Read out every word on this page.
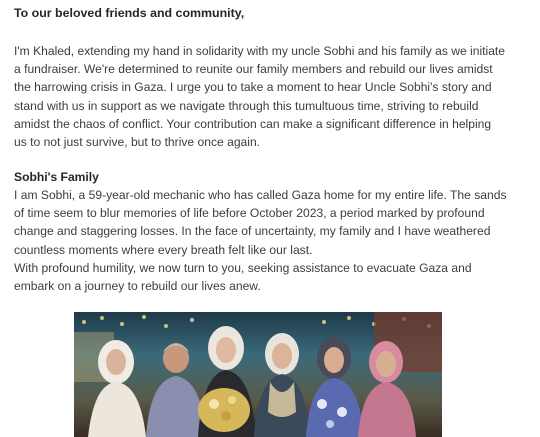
To our beloved friends and community,

I'm Khaled, extending my hand in solidarity with my uncle Sobhi and his family as we initiate
a fundraiser. We're determined to reunite our family members and rebuild our lives amidst
the harrowing crisis in Gaza. I urge you to take a moment to hear Uncle Sobhi's story and
stand with us in support as we navigate through this tumultuous time, striving to rebuild
amidst the chaos of conflict. Your contribution can make a significant difference in helping
us to not just survive, but to thrive once again.

Sobhi's Family

I am Sobhi, a 59-year-old mechanic who has called Gaza home for my entire life. The sands
of time seem to blur memories of life before October 2023, a period marked by profound
change and staggering losses. In the face of uncertainty, my family and I have weathered
countless moments where every breath felt like our last.
With profound humility, we now turn to you, seeking assistance to evacuate Gaza and
embark on a journey to rebuild our lives anew.
